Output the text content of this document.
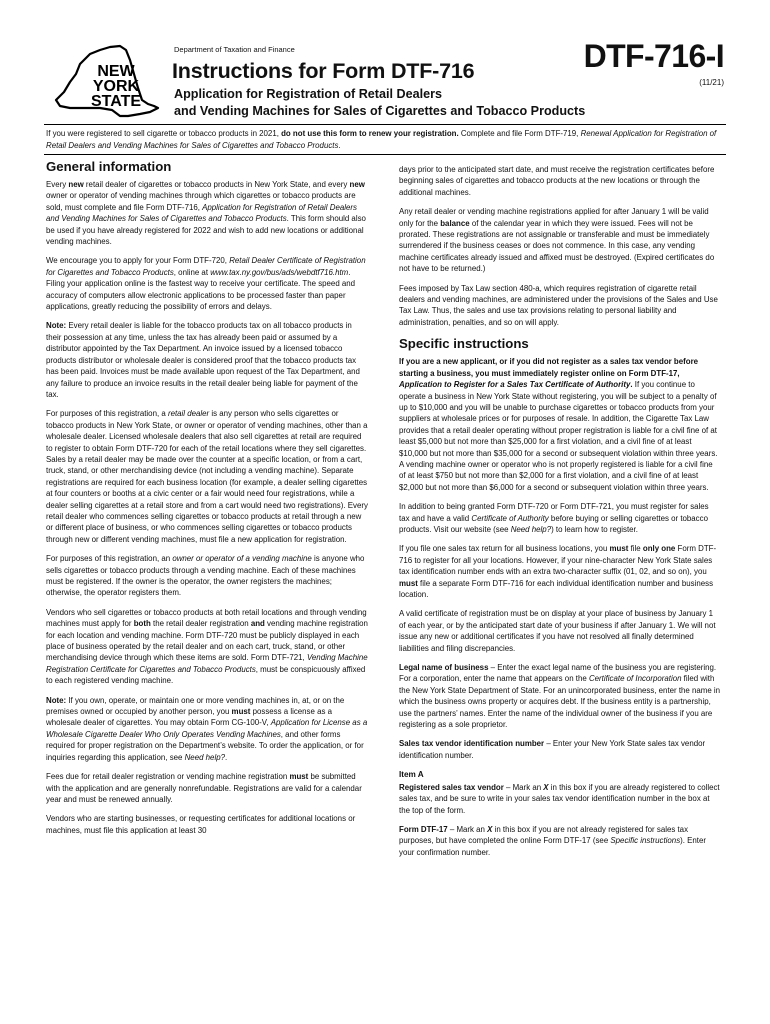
NEW
YORK
STATE
Department of Taxation and Finance
Instructions for Form DTF-716
Application for Registration of Retail Dealers
and Vending Machines for Sales of Cigarettes and Tobacco Products
DTF-716-I
(11/21)
If you were registered to sell cigarette or tobacco products in 2021, do not use this form to renew your registration. Complete and file Form DTF-719, Renewal Application for Registration of Retail Dealers and Vending Machines for Sales of Cigarettes and Tobacco Products.
General information

Every new retail dealer of cigarettes or tobacco products in New York State, and every new owner or operator of vending machines through which cigarettes or tobacco products are sold, must complete and file Form DTF-716, Application for Registration of Retail Dealers and Vending Machines for Sales of Cigarettes and Tobacco Products. This form should also be used if you have already registered for 2022 and wish to add new locations or additional vending machines.

We encourage you to apply for your Form DTF-720, Retail Dealer Certificate of Registration for Cigarettes and Tobacco Products, online at www.tax.ny.gov/bus/ads/webdtf716.htm. Filing your application online is the fastest way to receive your certificate. The speed and accuracy of computers allow electronic applications to be processed faster than paper applications, greatly reducing the possibility of errors and delays.

Note: Every retail dealer is liable for the tobacco products tax on all tobacco products in their possession at any time, unless the tax has already been paid or assumed by a distributor appointed by the Tax Department. An invoice issued by a licensed tobacco products distributor or wholesale dealer is considered proof that the tobacco products tax has been paid. Invoices must be made available upon request of the Tax Department, and any failure to produce an invoice results in the retail dealer being liable for payment of the tax.

For purposes of this registration, a retail dealer is any person who sells cigarettes or tobacco products in New York State, or owner or operator of vending machines, other than a wholesale dealer. Licensed wholesale dealers that also sell cigarettes at retail are required to register to obtain Form DTF-720 for each of the retail locations where they sell cigarettes. Sales by a retail dealer may be made over the counter at a specific location, or from a cart, truck, stand, or other merchandising device (not including a vending machine). Separate registrations are required for each business location (for example, a dealer selling cigarettes at four counters or booths at a civic center or a fair would need four registrations, while a dealer selling cigarettes at a retail store and from a cart would need two registrations). Every retail dealer who commences selling cigarettes or tobacco products at retail through a new or different place of business, or who commences selling cigarettes or tobacco products through new or different vending machines, must file a new application for registration.

For purposes of this registration, an owner or operator of a vending machine is anyone who sells cigarettes or tobacco products through a vending machine. Each of these machines must be registered. If the owner is the operator, the owner registers the machines; otherwise, the operator registers them.

Vendors who sell cigarettes or tobacco products at both retail locations and through vending machines must apply for both the retail dealer registration and vending machine registration for each location and vending machine. Form DTF-720 must be publicly displayed in each place of business operated by the retail dealer and on each cart, truck, stand, or other merchandising device through which these items are sold. Form DTF-721, Vending Machine Registration Certificate for Cigarettes and Tobacco Products, must be conspicuously affixed to each registered vending machine.

Note: If you own, operate, or maintain one or more vending machines in, at, or on the premises owned or occupied by another person, you must possess a license as a wholesale dealer of cigarettes. You may obtain Form CG-100-V, Application for License as a Wholesale Cigarette Dealer Who Only Operates Vending Machines, and other forms required for proper registration on the Department’s website. To order the application, or for inquiries regarding this application, see Need help?.

Fees due for retail dealer registration or vending machine registration must be submitted with the application and are generally nonrefundable. Registrations are valid for a calendar year and must be renewed annually.

Vendors who are starting businesses, or requesting certificates for additional locations or machines, must file this application at least 30

days prior to the anticipated start date, and must receive the registration certificates before beginning sales of cigarettes and tobacco products at the new locations or through the additional machines.

Any retail dealer or vending machine registrations applied for after January 1 will be valid only for the balance of the calendar year in which they were issued. Fees will not be prorated. These registrations are not assignable or transferable and must be immediately surrendered if the business ceases or does not commence. In this case, any vending machine certificates already issued and affixed must be destroyed. (Expired certificates do not have to be returned.)

Fees imposed by Tax Law section 480-a, which requires registration of cigarette retail dealers and vending machines, are administered under the provisions of the Sales and Use Tax Law. Thus, the sales and use tax provisions relating to personal liability and administration, penalties, and so on will apply.

Specific instructions

If you are a new applicant, or if you did not register as a sales tax vendor before starting a business, you must immediately register online on Form DTF-17, Application to Register for a Sales Tax Certificate of Authority. If you continue to operate a business in New York State without registering, you will be subject to a penalty of up to $10,000 and you will be unable to purchase cigarettes or tobacco products from your suppliers at wholesale prices or for purposes of resale. In addition, the Cigarette Tax Law provides that a retail dealer operating without proper registration is liable for a civil fine of at least $5,000 but not more than $25,000 for a first violation, and a civil fine of at least $10,000 but not more than $35,000 for a second or subsequent violation within three years. A vending machine owner or operator who is not properly registered is liable for a civil fine of at least $750 but not more than $2,000 for a first violation, and a civil fine of at least $2,000 but not more than $6,000 for a second or subsequent violation within three years.

In addition to being granted Form DTF-720 or Form DTF-721, you must register for sales tax and have a valid Certificate of Authority before buying or selling cigarettes or tobacco products. Visit our website (see Need help?) to learn how to register.

If you file one sales tax return for all business locations, you must file only one Form DTF-716 to register for all your locations. However, if your nine-character New York State sales tax identification number ends with an extra two-character suffix (01, 02, and so on), you must file a separate Form DTF-716 for each individual identification number and business location.

A valid certificate of registration must be on display at your place of business by January 1 of each year, or by the anticipated start date of your business if after January 1. We will not issue any new or additional certificates if you have not resolved all finally determined liabilities and filing discrepancies.

Legal name of business – Enter the exact legal name of the business you are registering. For a corporation, enter the name that appears on the Certificate of Incorporation filed with the New York State Department of State. For an unincorporated business, enter the name in which the business owns property or acquires debt. If the business entity is a partnership, use the partners’ names. Enter the name of the individual owner of the business if you are registering as a sole proprietor.

Sales tax vendor identification number – Enter your New York State sales tax vendor identification number.

Item A

Registered sales tax vendor – Mark an X in this box if you are already registered to collect sales tax, and be sure to write in your sales tax vendor identification number in the box at the top of the form.

Form DTF-17 – Mark an X in this box if you are not already registered for sales tax purposes, but have completed the online Form DTF-17 (see Specific instructions). Enter your confirmation number.
